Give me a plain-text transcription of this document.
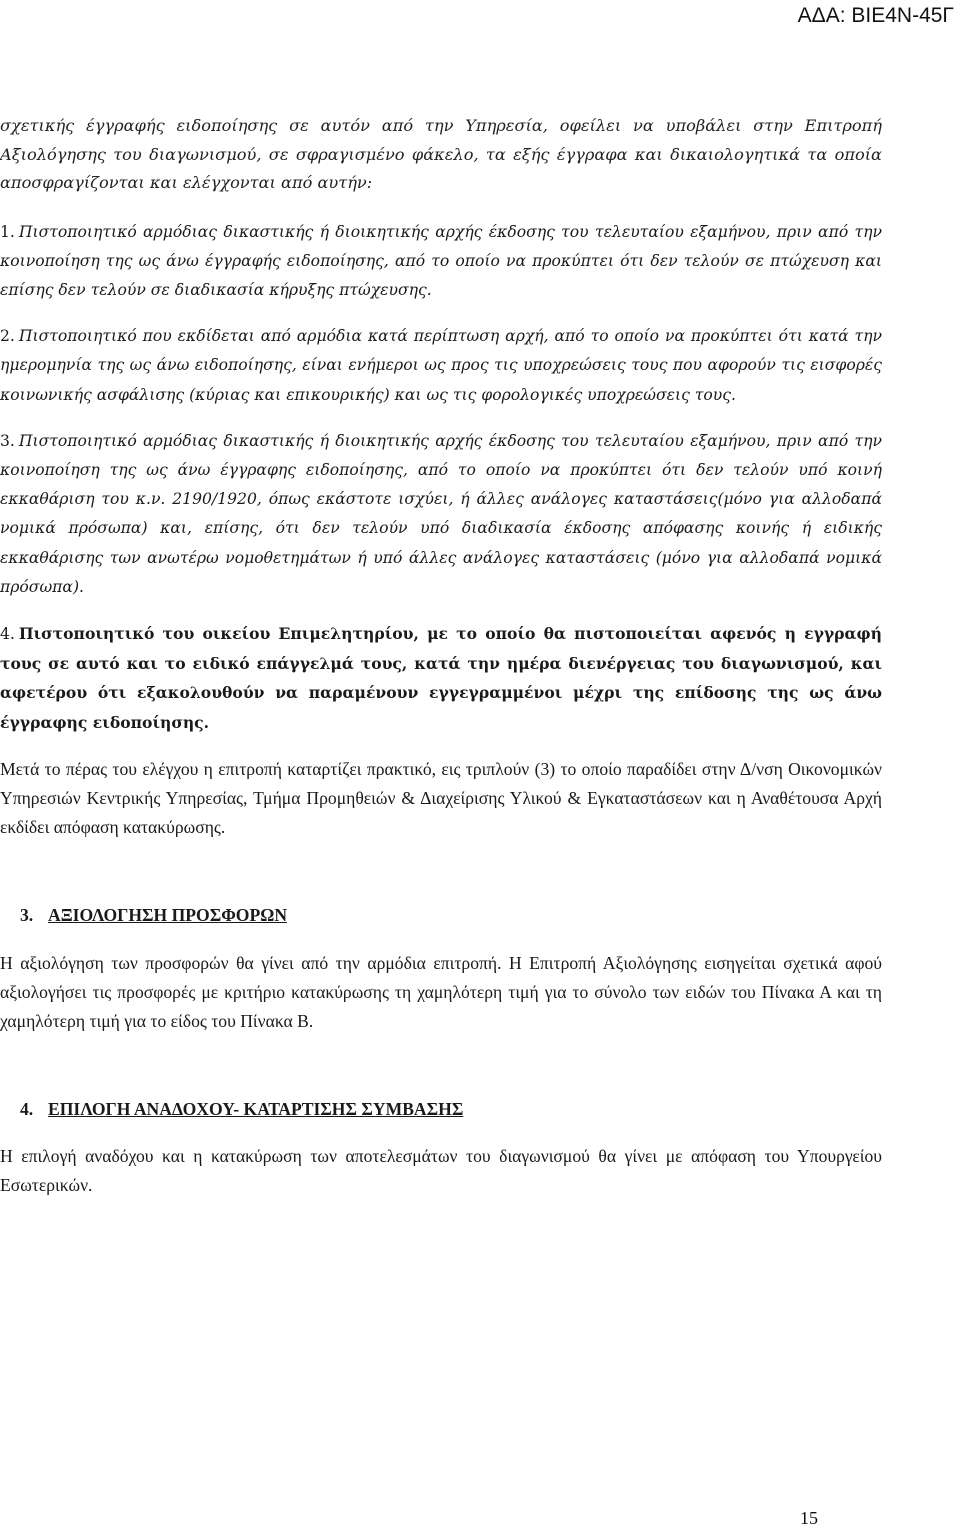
ΑΔΑ: ΒΙΕ4Ν-45Γ

σχετικής έγγραφής ειδοποίησης σε αυτόν από την Υπηρεσία, οφείλει να υποβάλει στην Επιτροπή Αξιολόγησης του διαγωνισμού, σε σφραγισμένο φάκελο, τα εξής έγγραφα και δικαιολογητικά τα οποία αποσφραγίζονται και ελέγχονται από αυτήν:

1. Πιστοποιητικό αρμόδιας δικαστικής ή διοικητικής αρχής έκδοσης του τελευταίου εξαμήνου, πριν από την κοινοποίηση της ως άνω έγγραφής ειδοποίησης, από το οποίο να προκύπτει ότι δεν τελούν σε πτώχευση και επίσης δεν τελούν σε διαδικασία κήρυξης πτώχευσης.

2. Πιστοποιητικό που εκδίδεται από αρμόδια κατά περίπτωση αρχή, από το οποίο να προκύπτει ότι κατά την ημερομηνία της ως άνω ειδοποίησης, είναι ενήμεροι ως προς τις υποχρεώσεις τους που αφορούν τις εισφορές κοινωνικής ασφάλισης (κύριας και επικουρικής) και ως τις φορολογικές υποχρεώσεις τους.

3. Πιστοποιητικό αρμόδιας δικαστικής ή διοικητικής αρχής έκδοσης του τελευταίου εξαμήνου, πριν από την κοινοποίηση της ως άνω έγγραφης ειδοποίησης, από το οποίο να προκύπτει ότι δεν τελούν υπό κοινή εκκαθάριση του κ.ν. 2190/1920, όπως εκάστοτε ισχύει, ή άλλες ανάλογες καταστάσεις(μόνο για αλλοδαπά νομικά πρόσωπα) και, επίσης, ότι δεν τελούν υπό διαδικασία έκδοσης απόφασης κοινής ή ειδικής εκκαθάρισης των ανωτέρω νομοθετημάτων ή υπό άλλες ανάλογες καταστάσεις (μόνο για αλλοδαπά νομικά πρόσωπα).

4. Πιστοποιητικό του οικείου Επιμελητηρίου, με το οποίο θα πιστοποιείται αφενός η εγγραφή τους σε αυτό και το ειδικό επάγγελμά τους, κατά την ημέρα διενέργειας του διαγωνισμού, και αφετέρου ότι εξακολουθούν να παραμένουν εγγεγραμμένοι μέχρι της επίδοσης της ως άνω έγγραφης ειδοποίησης.

Μετά το πέρας του ελέγχου η επιτροπή καταρτίζει πρακτικό, εις τριπλούν (3) το οποίο παραδίδει στην Δ/νση Οικονομικών Υπηρεσιών Κεντρικής Υπηρεσίας, Τμήμα Προμηθειών & Διαχείρισης Υλικού & Εγκαταστάσεων και η Αναθέτουσα Αρχή εκδίδει απόφαση κατακύρωσης.

3. ΑΞΙΟΛΟΓΗΣΗ ΠΡΟΣΦΟΡΩΝ

Η αξιολόγηση των προσφορών θα γίνει από την αρμόδια επιτροπή. Η Επιτροπή Αξιολόγησης εισηγείται σχετικά αφού αξιολογήσει τις προσφορές με κριτήριο κατακύρωσης τη χαμηλότερη τιμή για το σύνολο των ειδών του Πίνακα Α και τη χαμηλότερη τιμή για το είδος του Πίνακα Β.

4. ΕΠΙΛΟΓΗ ΑΝΑΔΟΧΟΥ- ΚΑΤΑΡΤΙΣΗΣ ΣΥΜΒΑΣΗΣ

Η επιλογή αναδόχου και η κατακύρωση των αποτελεσμάτων του διαγωνισμού θα γίνει με απόφαση του Υπουργείου Εσωτερικών.

15
